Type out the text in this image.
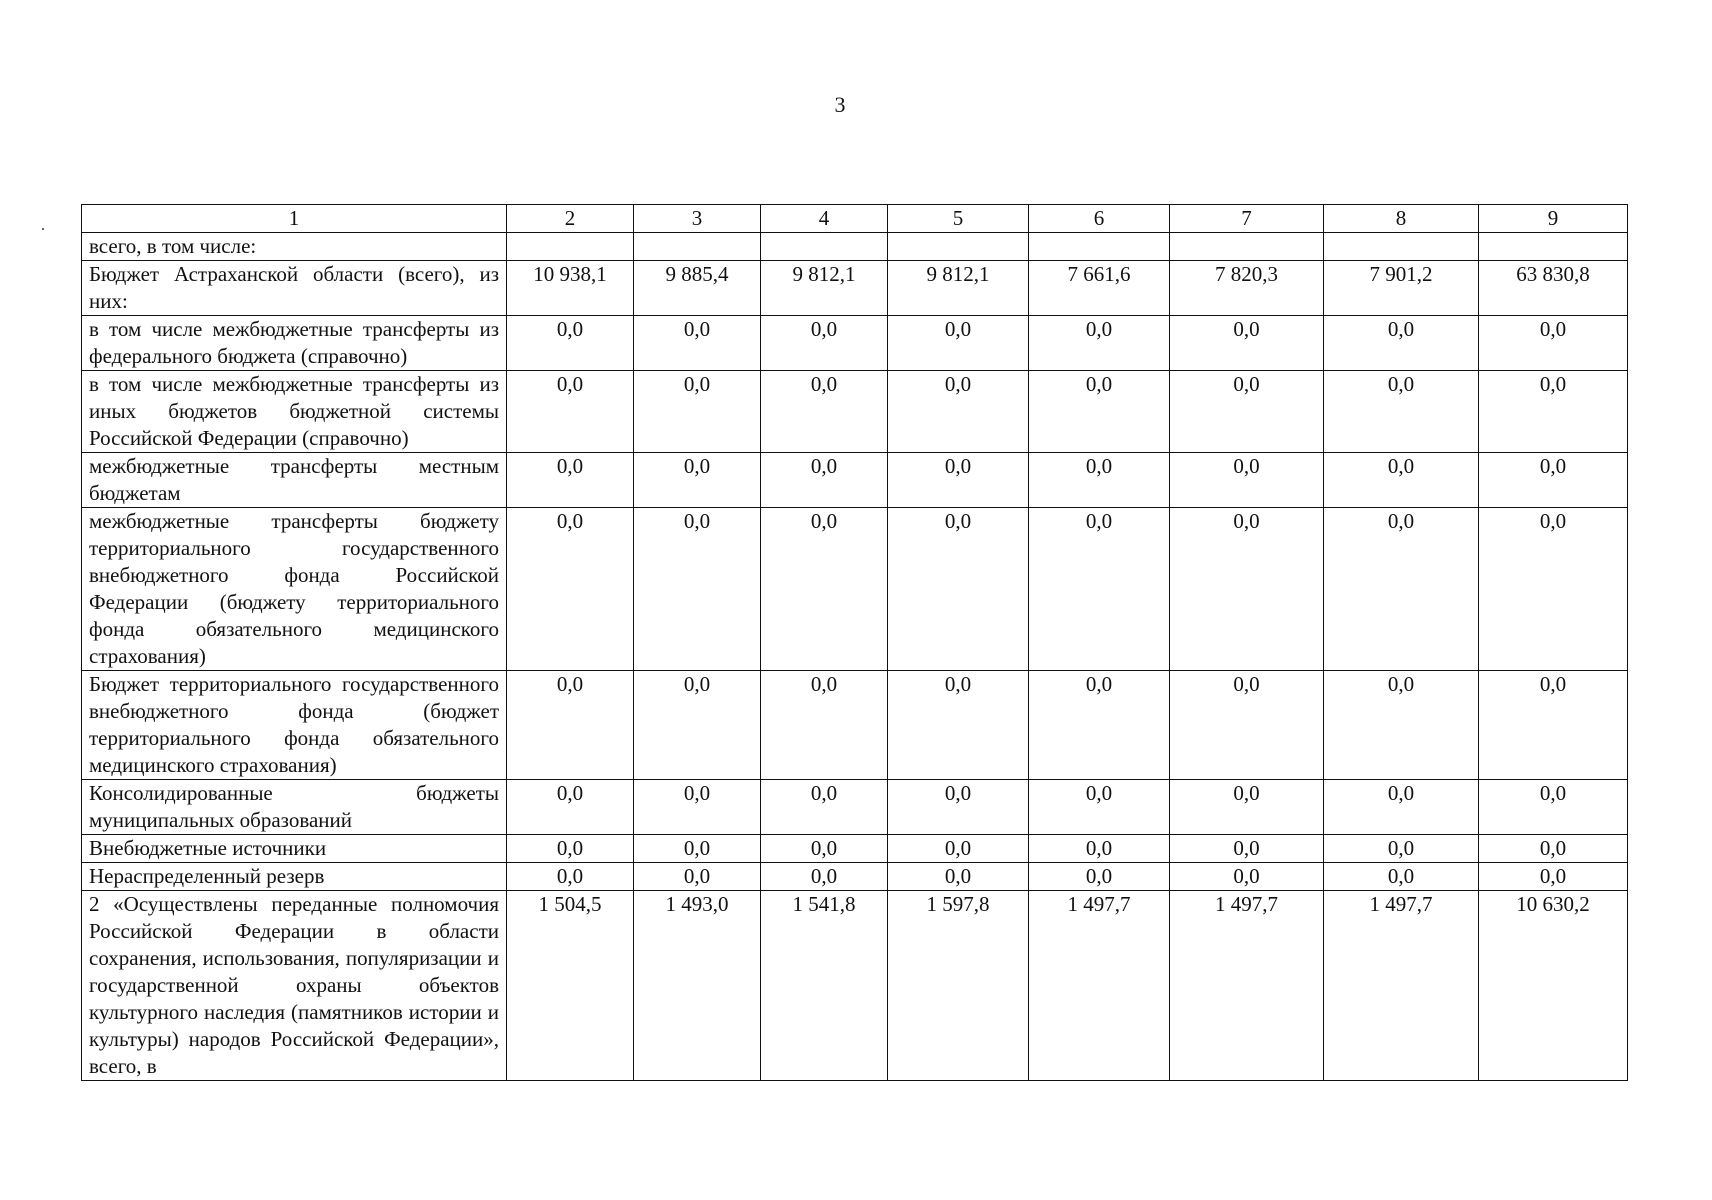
3
1	2	3	4	5	6	7	8	9
всего, в том числе:								
Бюджет Астраханской области (всего), из них:	10 938,1	9 885,4	9 812,1	9 812,1	7 661,6	7 820,3	7 901,2	63 830,8
в том числе межбюджетные трансферты из федерального бюджета (справочно)	0,0	0,0	0,0	0,0	0,0	0,0	0,0	0,0
в том числе межбюджетные трансферты из иных бюджетов бюджетной системы Российской Федерации (справочно)	0,0	0,0	0,0	0,0	0,0	0,0	0,0	0,0
межбюджетные трансферты местным бюджетам	0,0	0,0	0,0	0,0	0,0	0,0	0,0	0,0
межбюджетные трансферты бюджету территориального государственного внебюджетного фонда Российской Федерации (бюджету территориального фонда обязательного медицинского страхования)	0,0	0,0	0,0	0,0	0,0	0,0	0,0	0,0
Бюджет территориального государственного внебюджетного фонда (бюджет территориального фонда обязательного медицинского страхования)	0,0	0,0	0,0	0,0	0,0	0,0	0,0	0,0
Консолидированные бюджеты муниципальных образований	0,0	0,0	0,0	0,0	0,0	0,0	0,0	0,0
Внебюджетные источники	0,0	0,0	0,0	0,0	0,0	0,0	0,0	0,0
Нераспределенный резерв	0,0	0,0	0,0	0,0	0,0	0,0	0,0	0,0
2 «Осуществлены переданные полномочия Российской Федерации в области сохранения, использования, популяризации и государственной охраны объектов культурного наследия (памятников истории и культуры) народов Российской Федерации», всего, в	1 504,5	1 493,0	1 541,8	1 597,8	1 497,7	1 497,7	1 497,7	10 630,2
